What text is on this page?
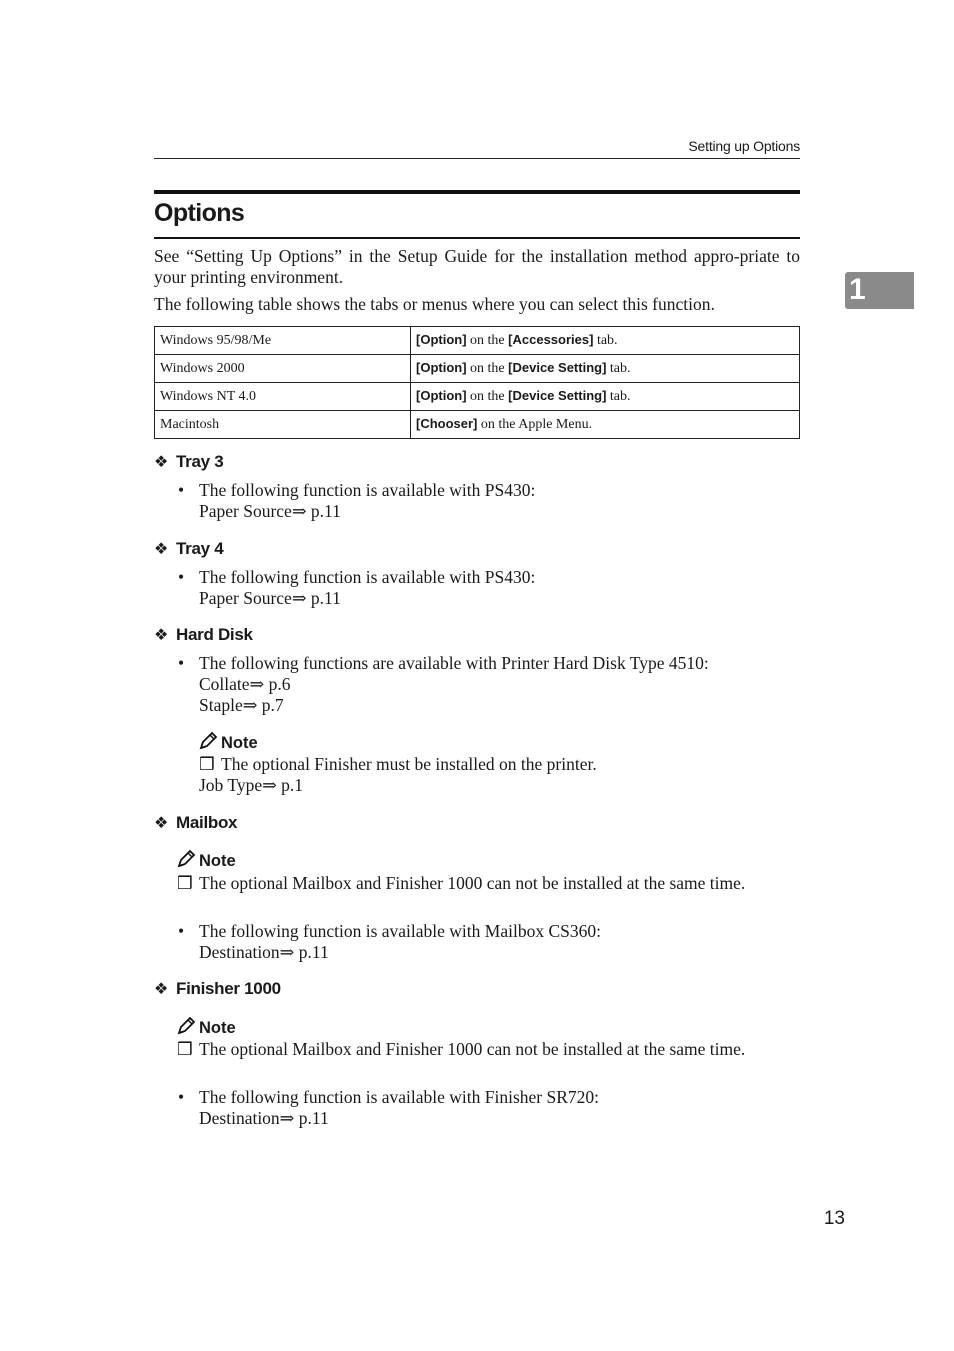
Setting up Options
Options
1
See “Setting Up Options” in the Setup Guide for the installation method appro-priate to your printing environment.
The following table shows the tabs or menus where you can select this function.
Windows 95/98/Me	[Option] on the [Accessories] tab.
Windows 2000	[Option] on the [Device Setting] tab.
Windows NT 4.0	[Option] on the [Device Setting] tab.
Macintosh	[Chooser] on the Apple Menu.
❖ Tray 3
• The following function is available with PS430:
Paper Source⇒ p.11
❖ Tray 4
• The following function is available with PS430:
Paper Source⇒ p.11
❖ Hard Disk
• The following functions are available with Printer Hard Disk Type 4510:
Collate⇒ p.6
Staple⇒ p.7
Note
❒ The optional Finisher must be installed on the printer.
Job Type⇒ p.1
❖ Mailbox
Note
❒ The optional Mailbox and Finisher 1000 can not be installed at the same time.
• The following function is available with Mailbox CS360:
Destination⇒ p.11
❖ Finisher 1000
Note
❒ The optional Mailbox and Finisher 1000 can not be installed at the same time.
• The following function is available with Finisher SR720:
Destination⇒ p.11
13
